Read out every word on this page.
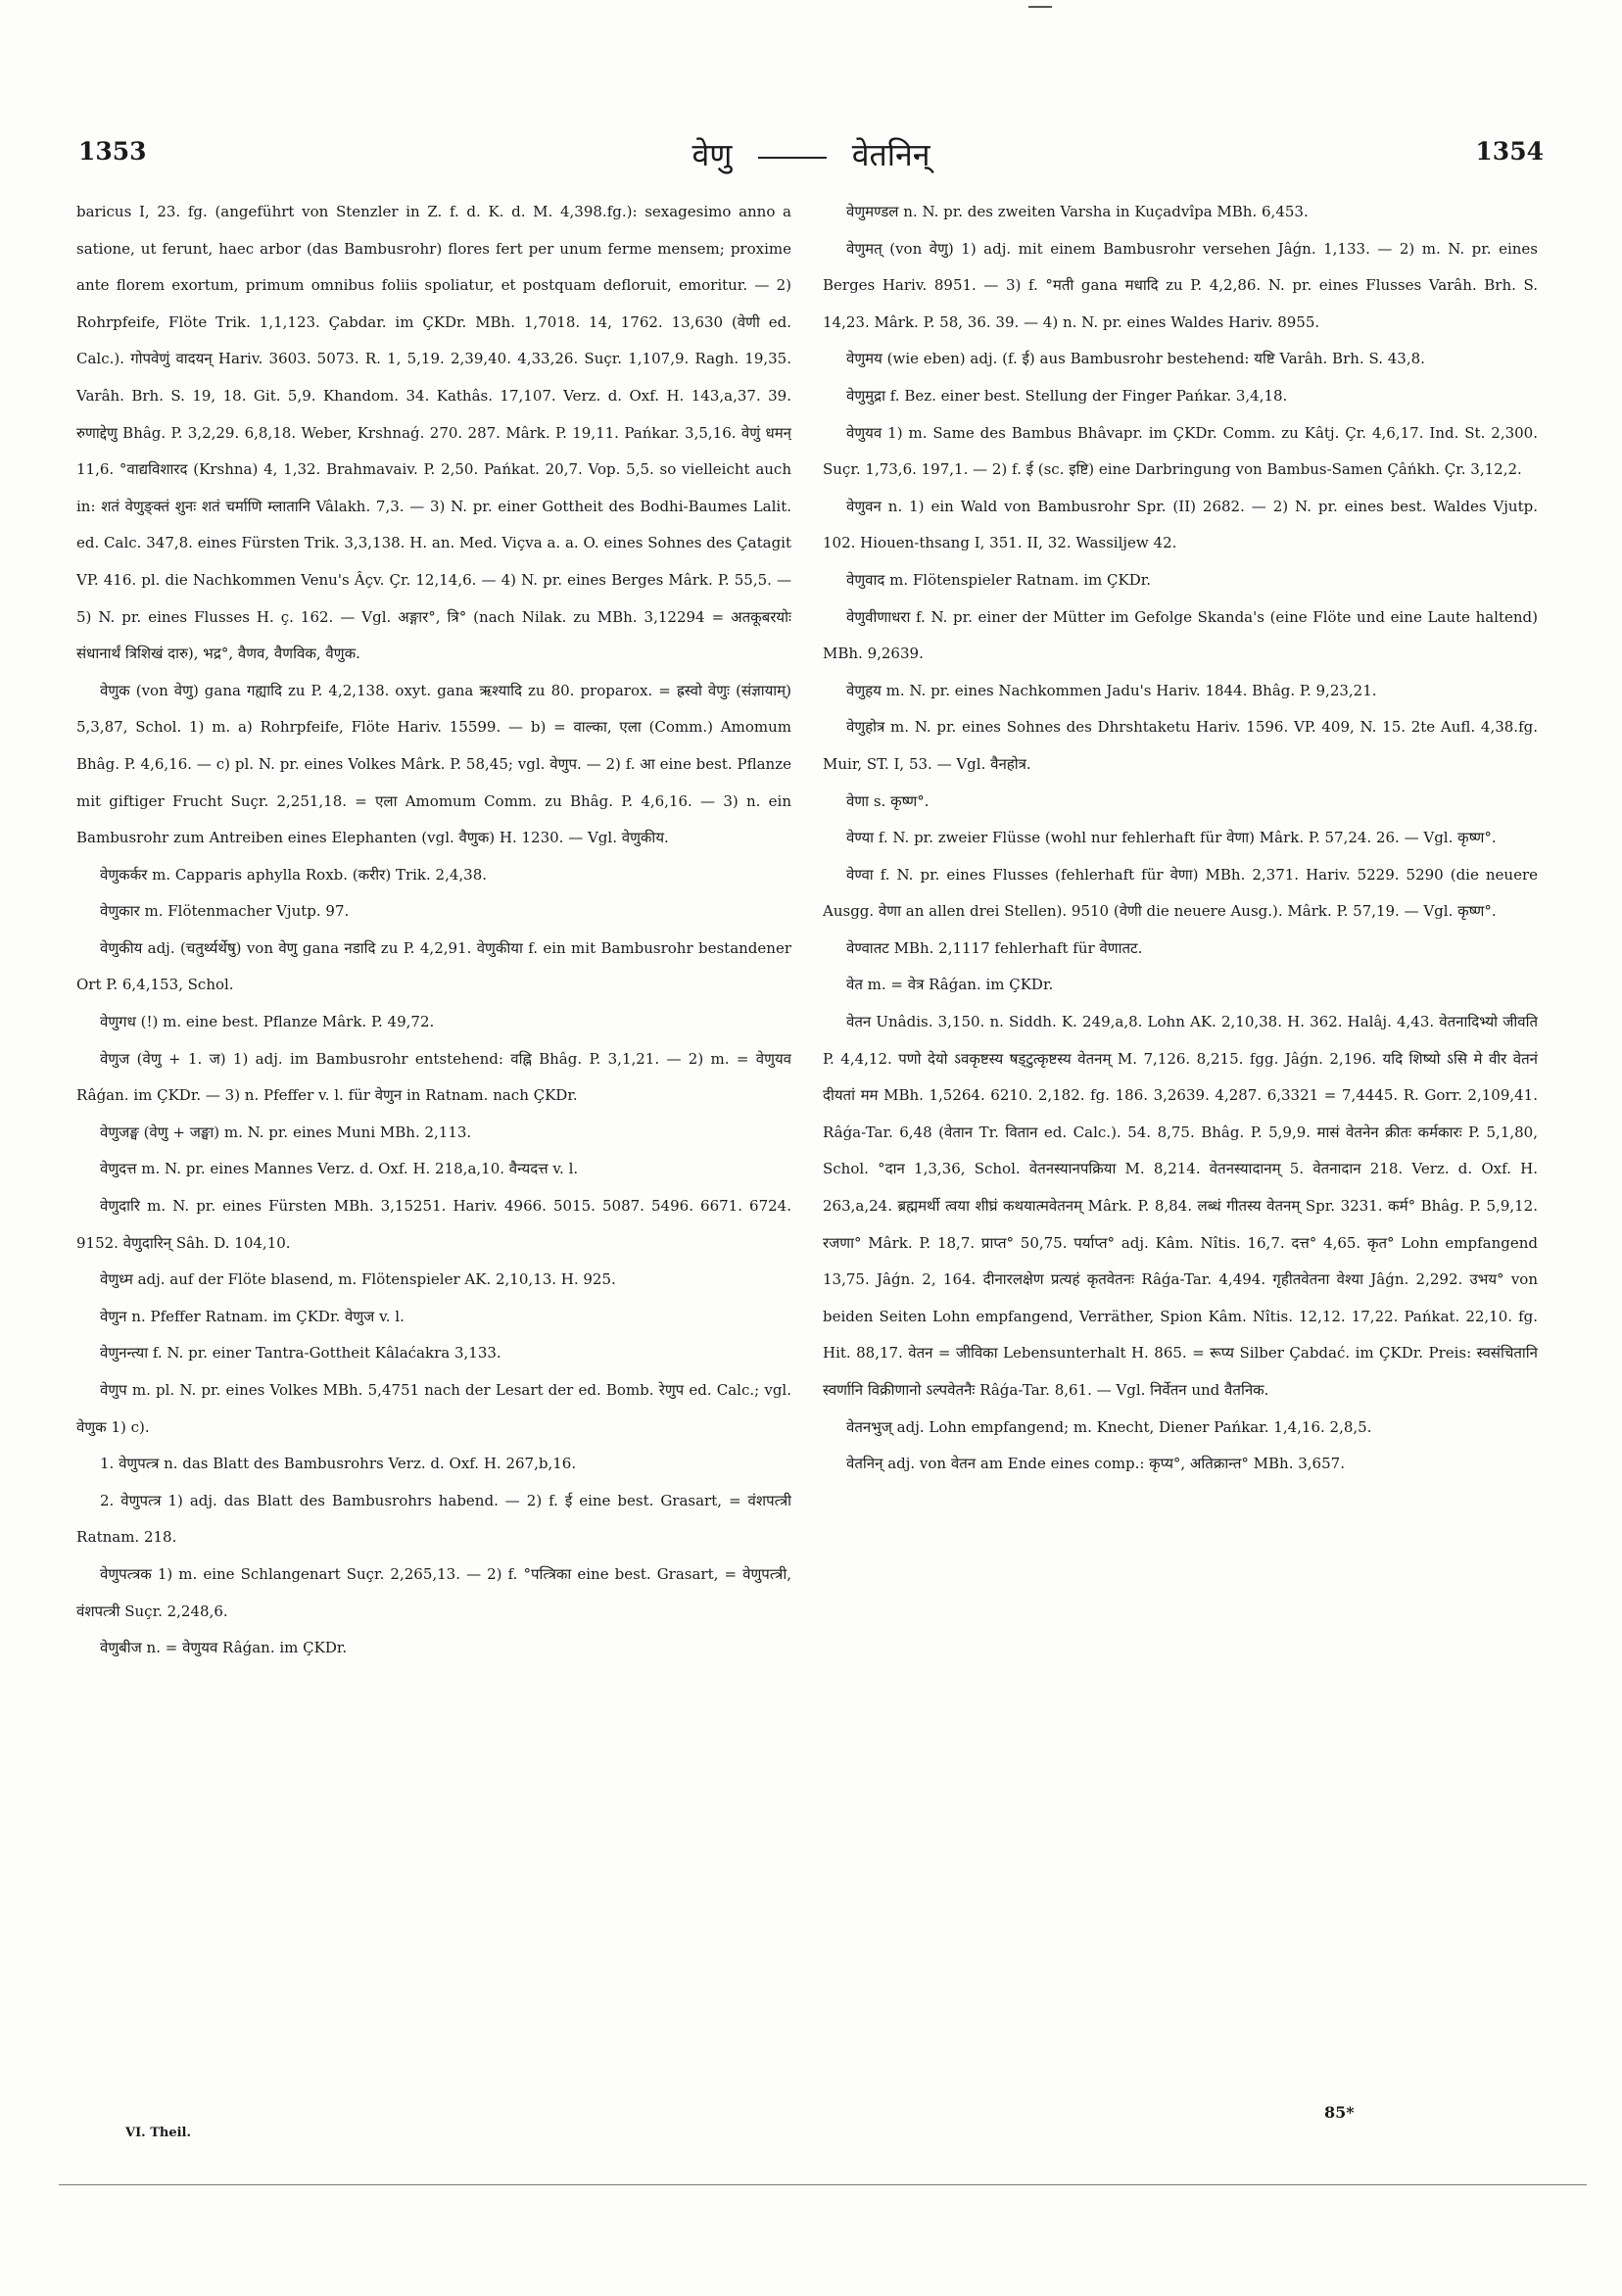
1353	वेणु	वेतनिन्	1354

baricus I, 23. fg. (angeführt von Stenzler in Z. f. d. K. d. M. 4,398.fg.): sexagesimo anno a satione, ut ferunt, haec arbor (das Bambusrohr) flores fert per unum ferme mensem; proxime ante florem exortum, primum omnibus foliis spoliatur, et postquam defloruit, emoritur. — 2) Rohrpfeife, Flöte Trik. 1,1,123. Çabdar. im ÇKDr. MBh. 1,7018. 14, 1762. 13,630 (वेणी ed. Calc.). गोपवेणुं वादयन् Hariv. 3603. 5073. R. 1, 5,19. 2,39,40. 4,33,26. Suçr. 1,107,9. Ragh. 19,35. Varâh. Brh. S. 19, 18. Git. 5,9. Khandom. 34. Kathâs. 17,107. Verz. d. Oxf. H. 143,a,37. 39. रुणाद्देणु Bhâg. P. 3,2,29. 6,8,18. Weber, Krshnaǵ. 270. 287. Mârk. P. 19,11. Pańkar. 3,5,16. वेणुं धमन् 11,6. °वाद्यविशारद (Krshna) 4, 1,32. Brahmavaiv. P. 2,50. Pańkat. 20,7. Vop. 5,5. so vielleicht auch in: शतं वेणुङ्क्तं शुनः शतं चर्माणि म्लातानि Vâlakh. 7,3. — 3) N. pr. einer Gottheit des Bodhi-Baumes Lalit. ed. Calc. 347,8. eines Fürsten Trik. 3,3,138. H. an. Med. Viçva a. a. O. eines Sohnes des Çatagit VP. 416. pl. die Nachkommen Venu's Âçv. Çr. 12,14,6. — 4) N. pr. eines Berges Mârk. P. 55,5. — 5) N. pr. eines Flusses H. ç. 162. — Vgl. अङ्गार°, त्रि° (nach Nilak. zu MBh. 3,12294 = अतकूबरयोः संधानार्थं त्रिशिखं दारु), भद्र°, वैणव, वैणविक, वैणुक.

वेणुक (von वेणु) gana गह्यादि zu P. 4,2,138. oxyt. gana ऋश्यादि zu 80. proparox. = ह्रस्वो वेणुः (संज्ञायाम्) 5,3,87, Schol. 1) m. a) Rohrpfeife, Flöte Hariv. 15599. — b) = वाल्का, एला (Comm.) Amomum Bhâg. P. 4,6,16. — c) pl. N. pr. eines Volkes Mârk. P. 58,45; vgl. वेणुप. — 2) f. आ eine best. Pflanze mit giftiger Frucht Suçr. 2,251,18. = एला Amomum Comm. zu Bhâg. P. 4,6,16. — 3) n. ein Bambusrohr zum Antreiben eines Elephanten (vgl. वैणुक) H. 1230. — Vgl. वेणुकीय.

वेणुकर्कर m. Capparis aphylla Roxb. (करीर) Trik. 2,4,38.

वेणुकार m. Flötenmacher Vjutp. 97.

वेणुकीय adj. (चतुर्थ्यर्थेषु) von वेणु gana नडादि zu P. 4,2,91. वेणुकीया f. ein mit Bambusrohr bestandener Ort P. 6,4,153, Schol.

वेणुगध (!) m. eine best. Pflanze Mârk. P. 49,72.

वेणुज (वेणु + 1. ज) 1) adj. im Bambusrohr entstehend: वह्नि Bhâg. P. 3,1,21. — 2) m. = वेणुयव Râǵan. im ÇKDr. — 3) n. Pfeffer v. l. für वेणुन in Ratnam. nach ÇKDr.

वेणुजङ्घ (वेणु + जङ्घा) m. N. pr. eines Muni MBh. 2,113.

वेणुदत्त m. N. pr. eines Mannes Verz. d. Oxf. H. 218,a,10. वैन्यदत्त v. l.

वेणुदारि m. N. pr. eines Fürsten MBh. 3,15251. Hariv. 4966. 5015. 5087. 5496. 6671. 6724. 9152. वेणुदारिन् Sâh. D. 104,10.

वेणुध्म adj. auf der Flöte blasend, m. Flötenspieler AK. 2,10,13. H. 925.

वेणुन n. Pfeffer Ratnam. im ÇKDr. वेणुज v. l.

वेणुनन्त्या f. N. pr. einer Tantra-Gottheit Kâlaćakra 3,133.

वेणुप m. pl. N. pr. eines Volkes MBh. 5,4751 nach der Lesart der ed. Bomb. रेणुप ed. Calc.; vgl. वेणुक 1) c).

1. वेणुपत्त्र n. das Blatt des Bambusrohrs Verz. d. Oxf. H. 267,b,16.

2. वेणुपत्त्र 1) adj. das Blatt des Bambusrohrs habend. — 2) f. ई eine best. Grasart, = वंशपत्त्री Ratnam. 218.

वेणुपत्त्रक 1) m. eine Schlangenart Suçr. 2,265,13. — 2) f. °पत्त्रिका eine best. Grasart, = वेणुपत्त्री, वंशपत्त्री Suçr. 2,248,6.

वेणुबीज n. = वेणुयव Râǵan. im ÇKDr.

वेणुमण्डल n. N. pr. des zweiten Varsha in Kuçadvîpa MBh. 6,453.

वेणुमत् (von वेणु) 1) adj. mit einem Bambusrohr versehen Jâǵn. 1,133. — 2) m. N. pr. eines Berges Hariv. 8951. — 3) f. °मती gana मधादि zu P. 4,2,86. N. pr. eines Flusses Varâh. Brh. S. 14,23. Mârk. P. 58, 36. 39. — 4) n. N. pr. eines Waldes Hariv. 8955.

वेणुमय (wie eben) adj. (f. ई) aus Bambusrohr bestehend: यष्टि Varâh. Brh. S. 43,8.

वेणुमुद्रा f. Bez. einer best. Stellung der Finger Pańkar. 3,4,18.

वेणुयव 1) m. Same des Bambus Bhâvapr. im ÇKDr. Comm. zu Kâtj. Çr. 4,6,17. Ind. St. 2,300. Suçr. 1,73,6. 197,1. — 2) f. ई (sc. इष्टि) eine Darbringung von Bambus-Samen Çâńkh. Çr. 3,12,2.

वेणुवन n. 1) ein Wald von Bambusrohr Spr. (II) 2682. — 2) N. pr. eines best. Waldes Vjutp. 102. Hiouen-thsang I, 351. II, 32. Wassiljew 42.

वेणुवाद m. Flötenspieler Ratnam. im ÇKDr.

वेणुवीणाधरा f. N. pr. einer der Mütter im Gefolge Skanda's (eine Flöte und eine Laute haltend) MBh. 9,2639.

वेणुहय m. N. pr. eines Nachkommen Jadu's Hariv. 1844. Bhâg. P. 9,23,21.

वेणुहोत्र m. N. pr. eines Sohnes des Dhrshtaketu Hariv. 1596. VP. 409, N. 15. 2te Aufl. 4,38.fg. Muir, ST. I, 53. — Vgl. वैनहोत्र.

वेणा s. कृष्ण°.

वेण्या f. N. pr. zweier Flüsse (wohl nur fehlerhaft für वेणा) Mârk. P. 57,24. 26. — Vgl. कृष्ण°.

वेण्वा f. N. pr. eines Flusses (fehlerhaft für वेणा) MBh. 2,371. Hariv. 5229. 5290 (die neuere Ausgg. वेणा an allen drei Stellen). 9510 (वेणी die neuere Ausg.). Mârk. P. 57,19. — Vgl. कृष्ण°.

वेण्वातट MBh. 2,1117 fehlerhaft für वेणातट.

वेत m. = वेत्र Râǵan. im ÇKDr.

वेतन Unâdis. 3,150. n. Siddh. K. 249,a,8. Lohn AK. 2,10,38. H. 362. Halâj. 4,43. वेतनादिभ्यो जीवति P. 4,4,12. पणो देयो ऽवकृष्टस्य षड्टुत्कृष्टस्य वेतनम् M. 7,126. 8,215. fgg. Jâǵn. 2,196. यदि शिष्यो ऽसि मे वीर वेतनं दीयतां मम MBh. 1,5264. 6210. 2,182. fg. 186. 3,2639. 4,287. 6,3321 = 7,4445. R. Gorr. 2,109,41. Râǵa-Tar. 6,48 (वेतान Tr. वितान ed. Calc.). 54. 8,75. Bhâg. P. 5,9,9. मासं वेतनेन क्रीतः कर्मकारः P. 5,1,80, Schol. °दान 1,3,36, Schol. वेतनस्यानपक्रिया M. 8,214. वेतनस्यादानम् 5. वेतनादान 218. Verz. d. Oxf. H. 263,a,24. ब्रह्ममर्थी त्वया शीघ्रं कथयात्मवेतनम् Mârk. P. 8,84. लब्धं गीतस्य वेतनम् Spr. 3231. कर्म° Bhâg. P. 5,9,12. रजणा° Mârk. P. 18,7. प्राप्त° 50,75. पर्याप्त° adj. Kâm. Nîtis. 16,7. दत्त° 4,65. कृत° Lohn empfangend 13,75. Jâǵn. 2, 164. दीनारलक्षेण प्रत्यहं कृतवेतनः Râǵa-Tar. 4,494. गृहीतवेतना वेश्या Jâǵn. 2,292. उभय° von beiden Seiten Lohn empfangend, Verräther, Spion Kâm. Nîtis. 12,12. 17,22. Pańkat. 22,10. fg. Hit. 88,17. वेतन = जीविका Lebensunterhalt H. 865. = रूप्य Silber Çabdać. im ÇKDr. Preis: स्वसंचितानि स्वर्णानि विक्रीणानो ऽल्पवेतनैः Râǵa-Tar. 8,61. — Vgl. निर्वेतन und वैतनिक.

वेतनभुज् adj. Lohn empfangend; m. Knecht, Diener Pańkar. 1,4,16. 2,8,5.

वेतनिन् adj. von वेतन am Ende eines comp.: कृप्य°, अतिक्रान्त° MBh. 3,657.

VI. Theil.
85*
